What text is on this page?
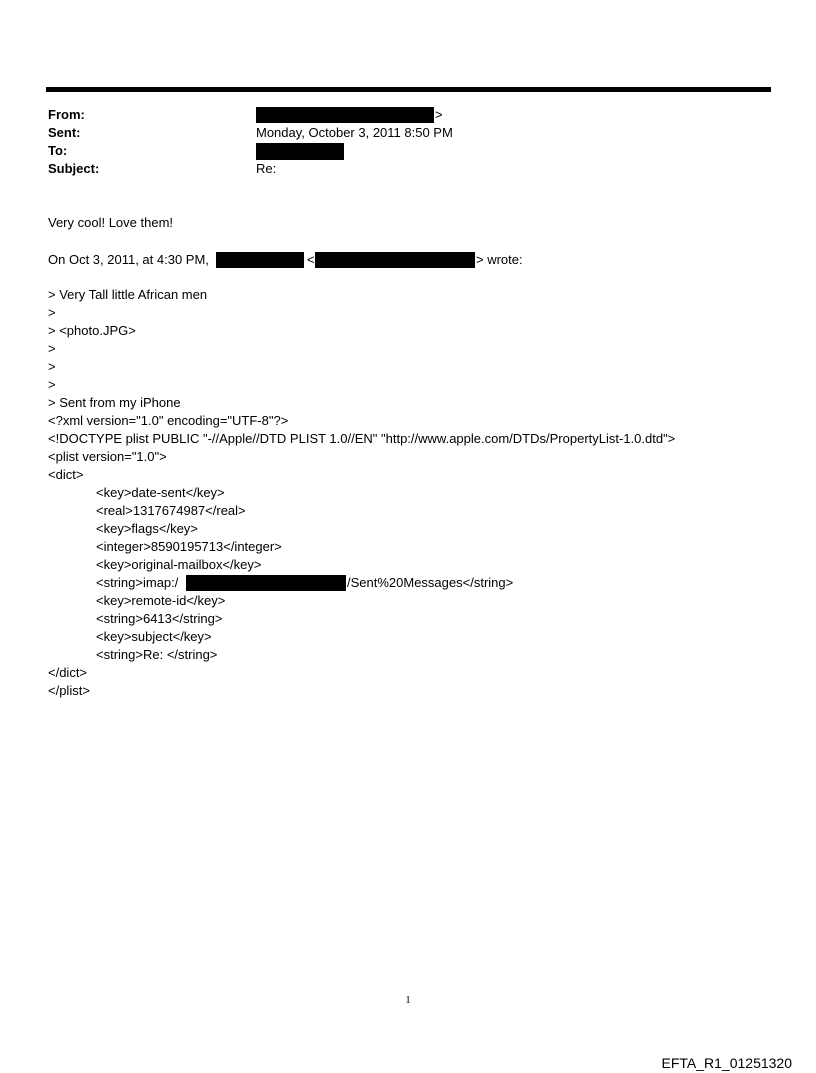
From:	>
Sent:	Monday, October 3, 2011 8:50 PM
To:
Subject:	Re:
Very cool! Love them!
On Oct 3, 2011, at 4:30 PM,	<	> wrote:
> Very Tall little African men
>
> <photo.JPG>
>
>
>
> Sent from my iPhone
<?xml version="1.0" encoding="UTF-8"?>
<!DOCTYPE plist PUBLIC "-//Apple//DTD PLIST 1.0//EN" "http://www.apple.com/DTDs/PropertyList-1.0.dtd">
<plist version="1.0">
<dict>
<key>date-sent</key>
<real>1317674987</real>
<key>flags</key>
<integer>8590195713</integer>
<key>original-mailbox</key>
<string>imap:/	/Sent%20Messages</string>
<key>remote-id</key>
<string>6413</string>
<key>subject</key>
<string>Re: </string>
</dict>
</plist>
1
EFTA_R1_01251320
